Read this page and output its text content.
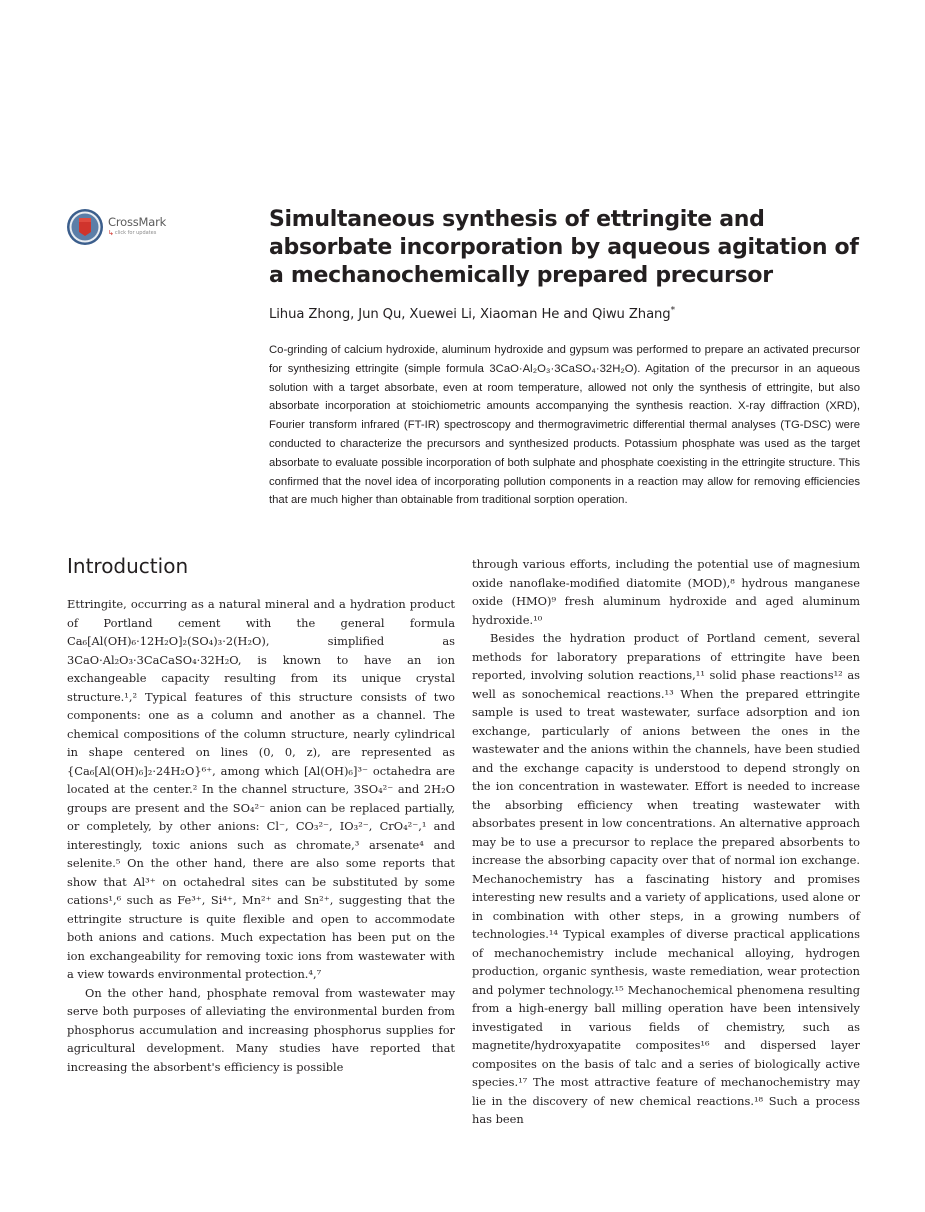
CrossMark
↳ click for updates
Simultaneous synthesis of ettringite and absorbate incorporation by aqueous agitation of a mechanochemically prepared precursor
Lihua Zhong, Jun Qu, Xuewei Li, Xiaoman He and Qiwu Zhang*

Co-grinding of calcium hydroxide, aluminum hydroxide and gypsum was performed to prepare an activated precursor for synthesizing ettringite (simple formula 3CaO·Al₂O₃·3CaSO₄·32H₂O). Agitation of the precursor in an aqueous solution with a target absorbate, even at room temperature, allowed not only the synthesis of ettringite, but also absorbate incorporation at stoichiometric amounts accompanying the synthesis reaction. X-ray diffraction (XRD), Fourier transform infrared (FT-IR) spectroscopy and thermogravimetric differential thermal analyses (TG-DSC) were conducted to characterize the precursors and synthesized products. Potassium phosphate was used as the target absorbate to evaluate possible incorporation of both sulphate and phosphate coexisting in the ettringite structure. This confirmed that the novel idea of incorporating pollution components in a reaction may allow for removing efficiencies that are much higher than obtainable from traditional sorption operation.

Introduction

Ettringite, occurring as a natural mineral and a hydration product of Portland cement with the general formula Ca₆[Al(OH)₆·12H₂O]₂(SO₄)₃·2(H₂O), simplified as 3CaO·Al₂O₃·3CaCaSO₄·32H₂O, is known to have an ion exchangeable capacity resulting from its unique crystal structure.¹,² Typical features of this structure consists of two components: one as a column and another as a channel. The chemical compositions of the column structure, nearly cylindrical in shape centered on lines (0, 0, z), are represented as {Ca₆[Al(OH)₆]₂·24H₂O}⁶⁺, among which [Al(OH)₆]³⁻ octahedra are located at the center.² In the channel structure, 3SO₄²⁻ and 2H₂O groups are present and the SO₄²⁻ anion can be replaced partially, or completely, by other anions: Cl⁻, CO₃²⁻, IO₃²⁻, CrO₄²⁻,¹ and interestingly, toxic anions such as chromate,³ arsenate⁴ and selenite.⁵ On the other hand, there are also some reports that show that Al³⁺ on octahedral sites can be substituted by some cations¹,⁶ such as Fe³⁺, Si⁴⁺, Mn²⁺ and Sn²⁺, suggesting that the ettringite structure is quite flexible and open to accommodate both anions and cations. Much expectation has been put on the ion exchangeability for removing toxic ions from wastewater with a view towards environmental protection.⁴,⁷

On the other hand, phosphate removal from wastewater may serve both purposes of alleviating the environmental burden from phosphorus accumulation and increasing phosphorus supplies for agricultural development. Many studies have reported that increasing the absorbent's efficiency is possible

through various efforts, including the potential use of magnesium oxide nanoflake-modified diatomite (MOD),⁸ hydrous manganese oxide (HMO)⁹ fresh aluminum hydroxide and aged aluminum hydroxide.¹⁰

Besides the hydration product of Portland cement, several methods for laboratory preparations of ettringite have been reported, involving solution reactions,¹¹ solid phase reactions¹² as well as sonochemical reactions.¹³ When the prepared ettringite sample is used to treat wastewater, surface adsorption and ion exchange, particularly of anions between the ones in the wastewater and the anions within the channels, have been studied and the exchange capacity is understood to depend strongly on the ion concentration in wastewater. Effort is needed to increase the absorbing efficiency when treating wastewater with absorbates present in low concentrations. An alternative approach may be to use a precursor to replace the prepared absorbents to increase the absorbing capacity over that of normal ion exchange. Mechanochemistry has a fascinating history and promises interesting new results and a variety of applications, used alone or in combination with other steps, in a growing numbers of technologies.¹⁴ Typical examples of diverse practical applications of mechanochemistry include mechanical alloying, hydrogen production, organic synthesis, waste remediation, wear protection and polymer technology.¹⁵ Mechanochemical phenomena resulting from a high-energy ball milling operation have been intensively investigated in various fields of chemistry, such as magnetite/hydroxyapatite composites¹⁶ and dispersed layer composites on the basis of talc and a series of biologically active species.¹⁷ The most attractive feature of mechanochemistry may lie in the discovery of new chemical reactions.¹⁸ Such a process has been
